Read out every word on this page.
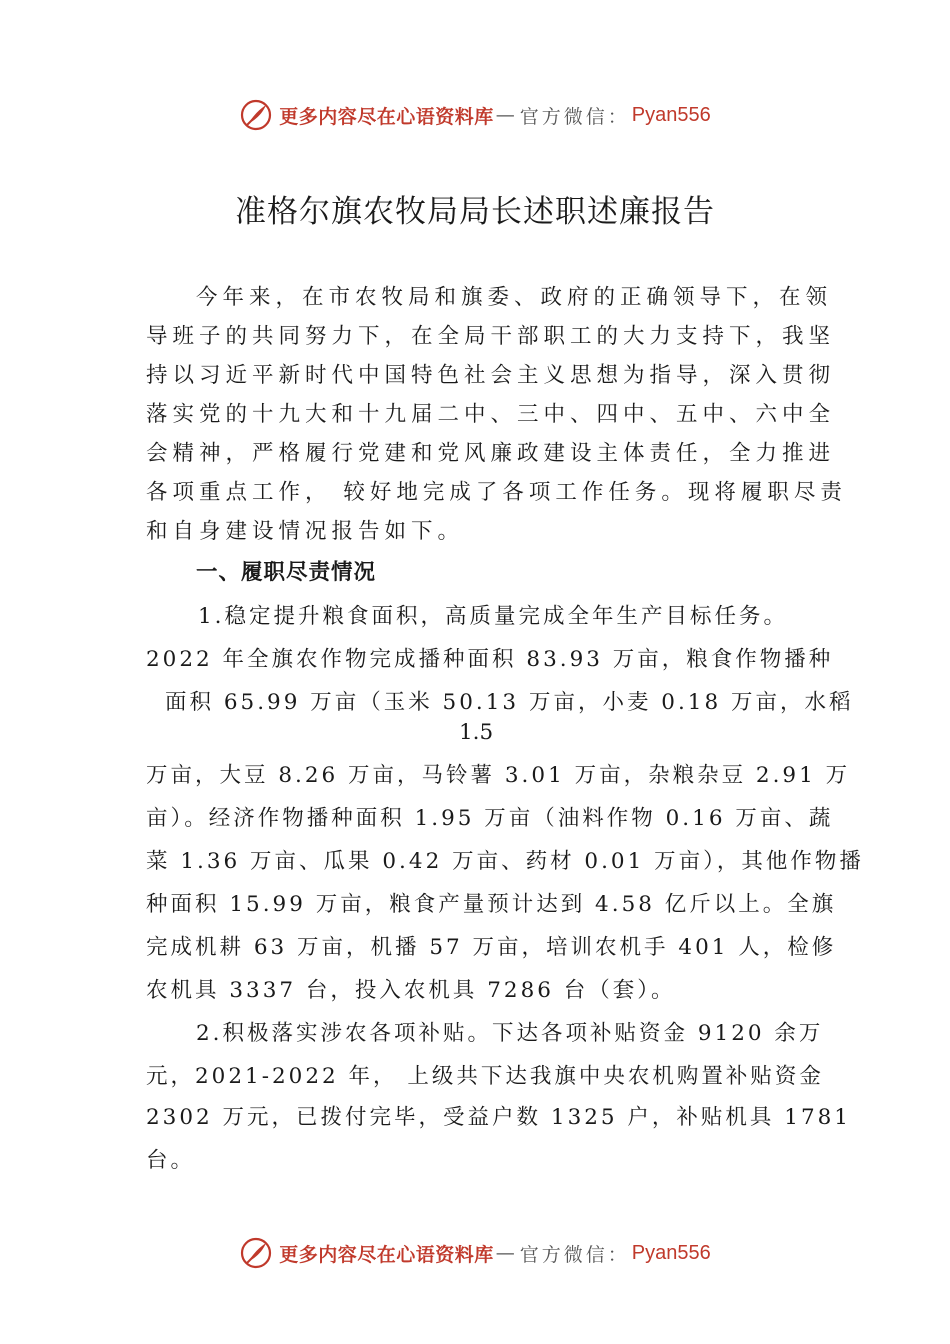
更多内容尽在心语资料库 — 官方微信： Pyan556
准格尔旗农牧局局长述职述廉报告
今年来，在市农牧局和旗委、政府的正确领导下，在领
导班子的共同努力下，在全局干部职工的大力支持下，我坚
持以习近平新时代中国特色社会主义思想为指导，深入贯彻
落实党的十九大和十九届二中、三中、四中、五中、六中全
会精神，严格履行党建和党风廉政建设主体责任，全力推进
各项重点工作， 较好地完成了各项工作任务。现将履职尽责
和自身建设情况报告如下。
一、履职尽责情况
1.稳定提升粮食面积，高质量完成全年生产目标任务。
2022 年全旗农作物完成播种面积 83.93 万亩，粮食作物播种
面积 65.99 万亩（玉米 50.13 万亩，小麦 0.18 万亩，水稻
1.5
万亩，大豆 8.26 万亩，马铃薯 3.01 万亩，杂粮杂豆 2.91 万
亩）。经济作物播种面积 1.95 万亩（油料作物 0.16 万亩、蔬
菜 1.36 万亩、瓜果 0.42 万亩、药材 0.01 万亩），其他作物播
种面积 15.99 万亩，粮食产量预计达到 4.58 亿斤以上。全旗
完成机耕 63 万亩，机播 57 万亩，培训农机手 401 人，检修
农机具 3337 台，投入农机具 7286 台（套）。
2.积极落实涉农各项补贴。下达各项补贴资金 9120 余万
元，2021-2022 年， 上级共下达我旗中央农机购置补贴资金
2302 万元，已拨付完毕，受益户数 1325 户，补贴机具 1781
台。
更多内容尽在心语资料库 — 官方微信： Pyan556
